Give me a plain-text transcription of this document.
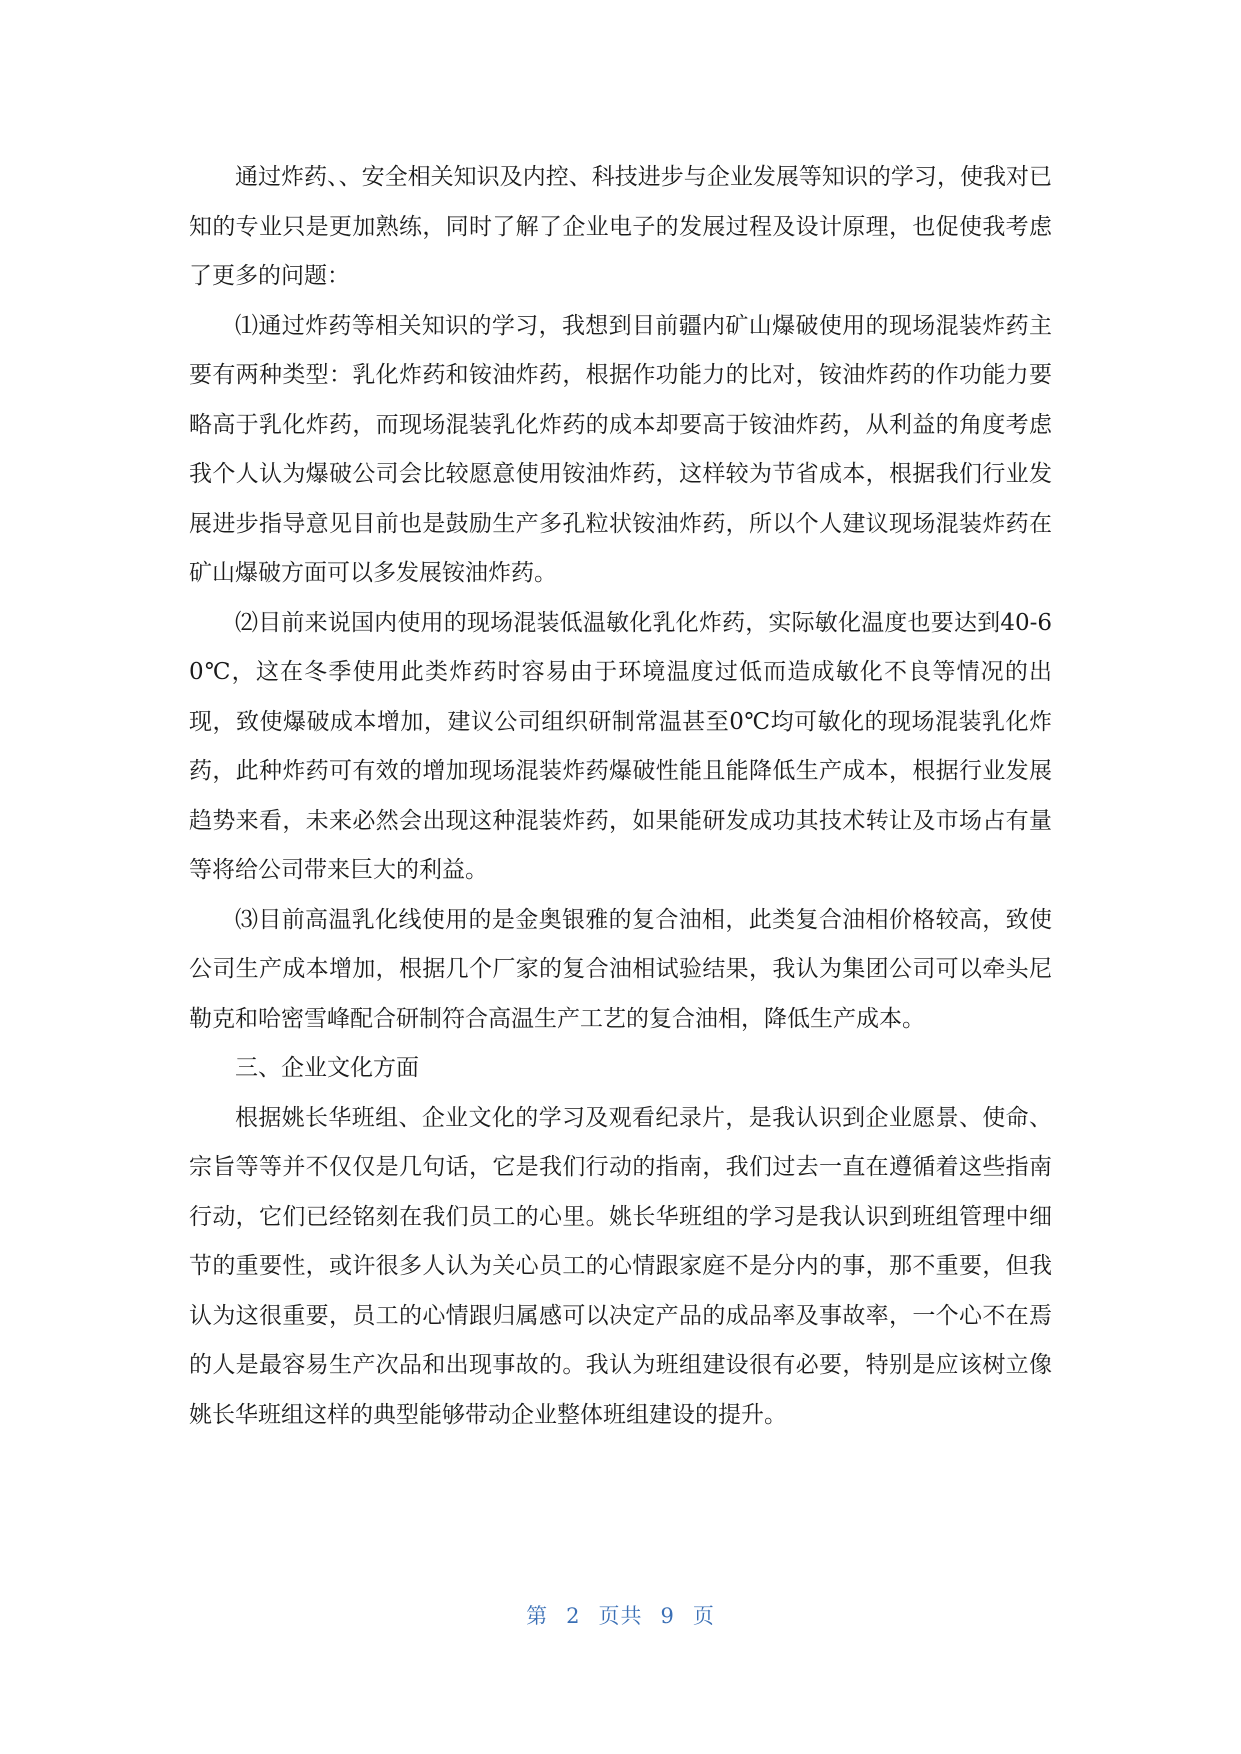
通过炸药、、安全相关知识及内控、科技进步与企业发展等知识的学习，使我对已知的专业只是更加熟练，同时了解了企业电子的发展过程及设计原理，也促使我考虑了更多的问题：

⑴通过炸药等相关知识的学习，我想到目前疆内矿山爆破使用的现场混装炸药主要有两种类型：乳化炸药和铵油炸药，根据作功能力的比对，铵油炸药的作功能力要略高于乳化炸药，而现场混装乳化炸药的成本却要高于铵油炸药，从利益的角度考虑我个人认为爆破公司会比较愿意使用铵油炸药，这样较为节省成本，根据我们行业发展进步指导意见目前也是鼓励生产多孔粒状铵油炸药，所以个人建议现场混装炸药在矿山爆破方面可以多发展铵油炸药。

⑵目前来说国内使用的现场混装低温敏化乳化炸药，实际敏化温度也要达到40-60℃，这在冬季使用此类炸药时容易由于环境温度过低而造成敏化不良等情况的出现，致使爆破成本增加，建议公司组织研制常温甚至0℃均可敏化的现场混装乳化炸药，此种炸药可有效的增加现场混装炸药爆破性能且能降低生产成本，根据行业发展趋势来看，未来必然会出现这种混装炸药，如果能研发成功其技术转让及市场占有量等将给公司带来巨大的利益。

⑶目前高温乳化线使用的是金奥银雅的复合油相，此类复合油相价格较高，致使公司生产成本增加，根据几个厂家的复合油相试验结果，我认为集团公司可以牵头尼勒克和哈密雪峰配合研制符合高温生产工艺的复合油相，降低生产成本。

三、企业文化方面

根据姚长华班组、企业文化的学习及观看纪录片，是我认识到企业愿景、使命、宗旨等等并不仅仅是几句话，它是我们行动的指南，我们过去一直在遵循着这些指南行动，它们已经铭刻在我们员工的心里。姚长华班组的学习是我认识到班组管理中细节的重要性，或许很多人认为关心员工的心情跟家庭不是分内的事，那不重要，但我认为这很重要，员工的心情跟归属感可以决定产品的成品率及事故率，一个心不在焉的人是最容易生产次品和出现事故的。我认为班组建设很有必要，特别是应该树立像姚长华班组这样的典型能够带动企业整体班组建设的提升。

第 2 页共 9 页
